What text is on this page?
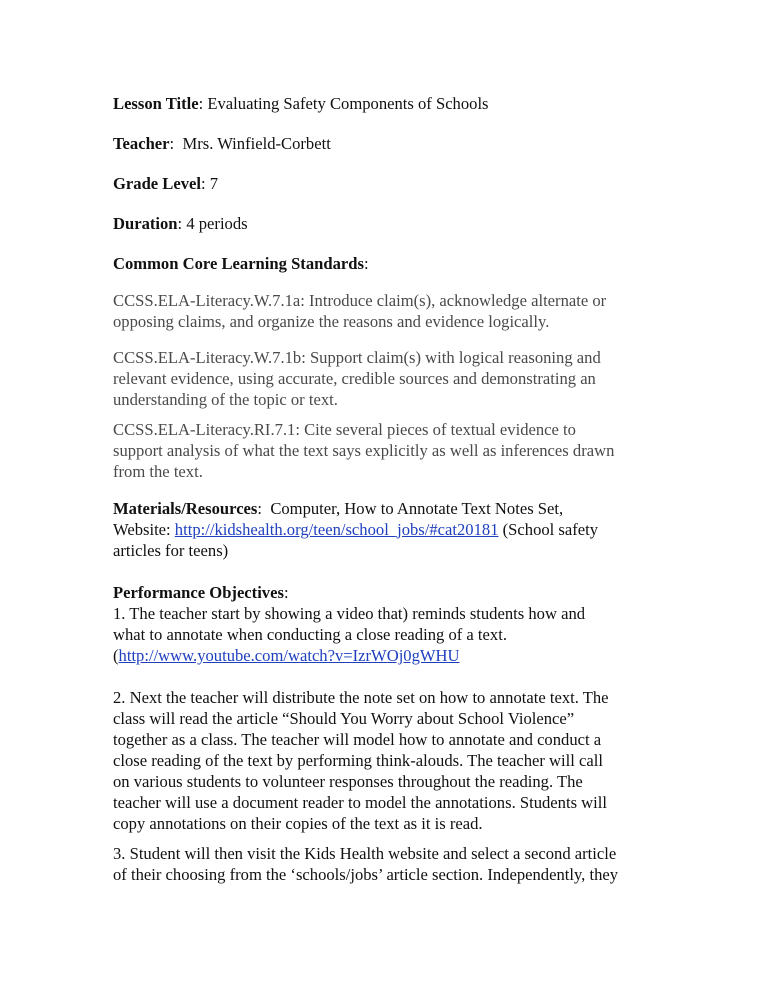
Lesson Title: Evaluating Safety Components of Schools
Teacher:  Mrs. Winfield-Corbett
Grade Level: 7
Duration: 4 periods
Common Core Learning Standards:
CCSS.ELA-Literacy.W.7.1a: Introduce claim(s), acknowledge alternate or
opposing claims, and organize the reasons and evidence logically.
CCSS.ELA-Literacy.W.7.1b: Support claim(s) with logical reasoning and
relevant evidence, using accurate, credible sources and demonstrating an
understanding of the topic or text.
CCSS.ELA-Literacy.RI.7.1: Cite several pieces of textual evidence to
support analysis of what the text says explicitly as well as inferences drawn
from the text.
Materials/Resources:  Computer, How to Annotate Text Notes Set,
Website: http://kidshealth.org/teen/school_jobs/#cat20181 (School safety
articles for teens)
Performance Objectives:
1. The teacher start by showing a video that) reminds students how and
what to annotate when conducting a close reading of a text.
(http://www.youtube.com/watch?v=IzrWOj0gWHU
2. Next the teacher will distribute the note set on how to annotate text. The
class will read the article “Should You Worry about School Violence”
together as a class. The teacher will model how to annotate and conduct a
close reading of the text by performing think-alouds. The teacher will call
on various students to volunteer responses throughout the reading. The
teacher will use a document reader to model the annotations. Students will
copy annotations on their copies of the text as it is read.
3. Student will then visit the Kids Health website and select a second article
of their choosing from the ‘schools/jobs’ article section. Independently, they
